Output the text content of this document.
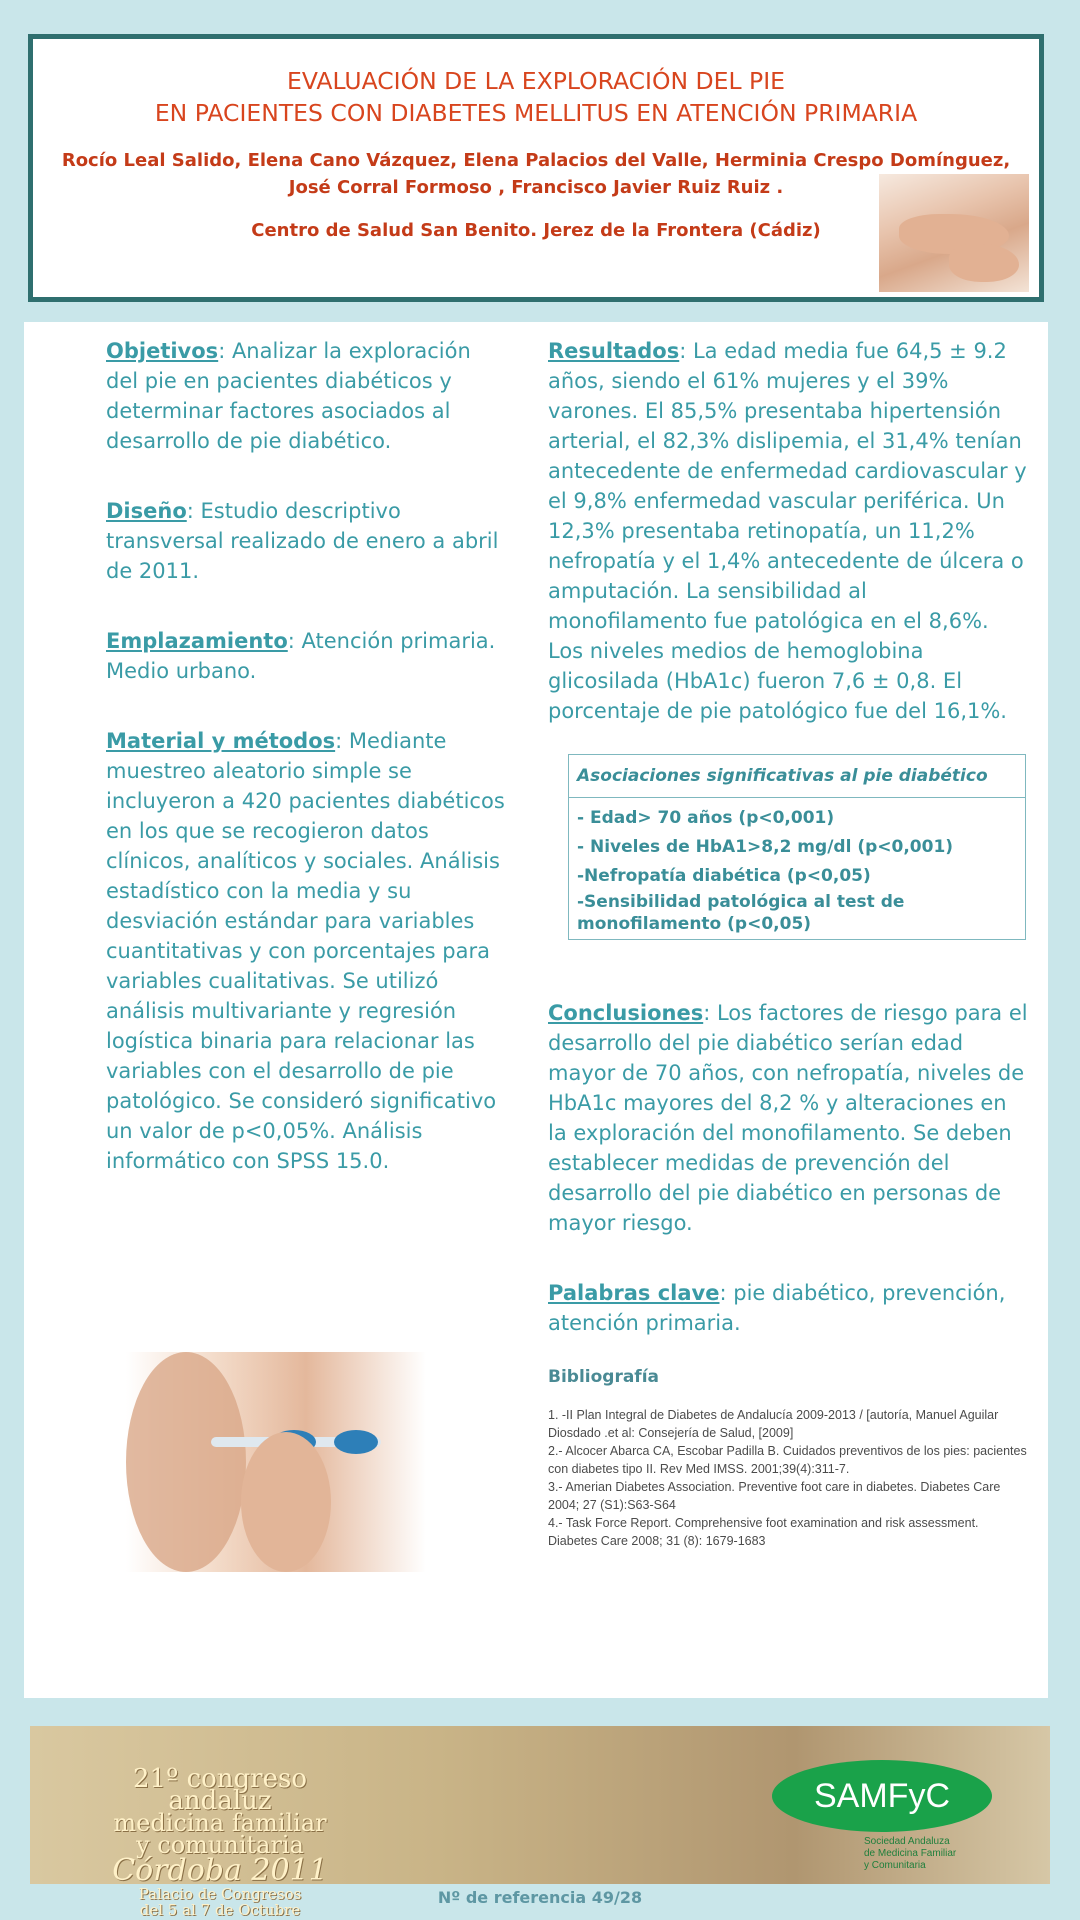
EVALUACIÓN DE LA EXPLORACIÓN DEL PIE
EN PACIENTES CON DIABETES MELLITUS EN ATENCIÓN PRIMARIA
Rocío Leal Salido, Elena Cano Vázquez, Elena Palacios del Valle, Herminia Crespo Domínguez,
José Corral Formoso , Francisco Javier Ruiz Ruiz .
Centro de Salud San Benito. Jerez de la Frontera (Cádiz)
Objetivos: Analizar la exploración del pie en pacientes diabéticos y determinar factores asociados al desarrollo de pie diabético.
Diseño: Estudio descriptivo transversal realizado de enero a abril de 2011.
Emplazamiento: Atención primaria. Medio urbano.
Material y métodos: Mediante muestreo aleatorio simple se incluyeron a 420 pacientes diabéticos en los que se recogieron datos clínicos, analíticos y sociales. Análisis estadístico con la media y su desviación estándar para variables cuantitativas y con porcentajes para variables cualitativas. Se utilizó análisis multivariante y regresión logística binaria para relacionar las variables con el desarrollo de pie patológico. Se consideró significativo un valor de p<0,05%. Análisis informático con SPSS 15.0.
Resultados: La edad media fue 64,5 ± 9.2 años, siendo el 61% mujeres y el 39% varones. El 85,5% presentaba hipertensión arterial, el 82,3% dislipemia, el 31,4% tenían antecedente de enfermedad cardiovascular y el 9,8% enfermedad vascular periférica. Un 12,3% presentaba retinopatía, un 11,2% nefropatía y el 1,4% antecedente de úlcera o amputación. La sensibilidad al monofilamento fue patológica en el 8,6%. Los niveles medios de hemoglobina glicosilada (HbA1c) fueron 7,6 ± 0,8. El porcentaje de pie patológico fue del 16,1%.
Asociaciones significativas al pie diabético
- Edad> 70 años (p<0,001)
- Niveles de HbA1>8,2 mg/dl (p<0,001)
-Nefropatía diabética (p<0,05)
-Sensibilidad patológica al test de monofilamento (p<0,05)
Conclusiones: Los factores de riesgo para el desarrollo del pie diabético serían edad mayor de 70 años, con nefropatía, niveles de HbA1c mayores del 8,2 % y alteraciones en la exploración del monofilamento. Se deben establecer medidas de prevención del desarrollo del pie diabético en personas de mayor riesgo.
Palabras clave: pie diabético, prevención, atención primaria.
Bibliografía
1. -II Plan Integral de Diabetes de Andalucía 2009-2013 / [autoría, Manuel Aguilar Diosdado .et al: Consejería de Salud, [2009]
2.- Alcocer Abarca CA, Escobar Padilla B. Cuidados preventivos de los pies: pacientes con diabetes tipo II. Rev Med IMSS. 2001;39(4):311-7.
3.- Amerian Diabetes Association. Preventive foot care in diabetes. Diabetes Care 2004; 27 (S1):S63-S64
4.- Task Force Report. Comprehensive foot examination and risk assessment. Diabetes Care 2008; 31 (8): 1679-1683
21º congreso
andaluz
medicina familiar
y comunitaria
Córdoba 2011
Palacio de Congresos
del 5 al 7 de Octubre
SAMFyC
Sociedad Andaluza
de Medicina Familiar
y Comunitaria
Nº de referencia 49/28
